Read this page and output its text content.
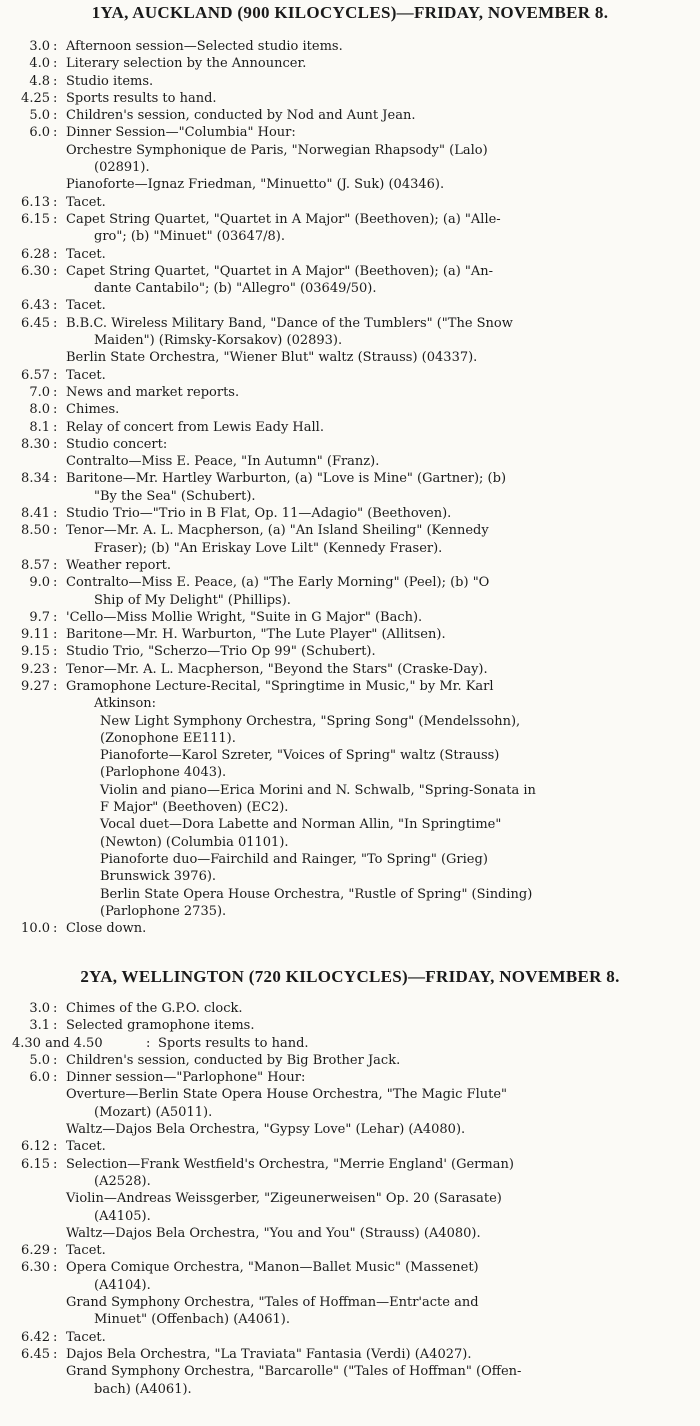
1YA, AUCKLAND (900 KILOCYCLES)—FRIDAY, NOVEMBER 8.
3.0 : Afternoon session—Selected studio items.
4.0 : Literary selection by the Announcer.
4.8 : Studio items.
4.25 : Sports results to hand.
5.0 : Children's session, conducted by Nod and Aunt Jean.
6.0 : Dinner Session—"Columbia" Hour:
Orchestre Symphonique de Paris, "Norwegian Rhapsody" (Lalo)
(02891).
Pianoforte—Ignaz Friedman, "Minuetto" (J. Suk) (04346).
6.13 : Tacet.
6.15 : Capet String Quartet, "Quartet in A Major" (Beethoven); (a) "Alle-
gro"; (b) "Minuet" (03647/8).
6.28 : Tacet.
6.30 : Capet String Quartet, "Quartet in A Major" (Beethoven); (a) "An-
dante Cantabilo"; (b) "Allegro" (03649/50).
6.43 : Tacet.
6.45 : B.B.C. Wireless Military Band, "Dance of the Tumblers" ("The Snow
Maiden") (Rimsky-Korsakov) (02893).
Berlin State Orchestra, "Wiener Blut" waltz (Strauss) (04337).
6.57 : Tacet.
7.0 : News and market reports.
8.0 : Chimes.
8.1 : Relay of concert from Lewis Eady Hall.
8.30 : Studio concert:
Contralto—Miss E. Peace, "In Autumn" (Franz).
8.34 : Baritone—Mr. Hartley Warburton, (a) "Love is Mine" (Gartner); (b)
"By the Sea" (Schubert).
8.41 : Studio Trio—"Trio in B Flat, Op. 11—Adagio" (Beethoven).
8.50 : Tenor—Mr. A. L. Macpherson, (a) "An Island Sheiling" (Kennedy
Fraser); (b) "An Eriskay Love Lilt" (Kennedy Fraser).
8.57 : Weather report.
9.0 : Contralto—Miss E. Peace, (a) "The Early Morning" (Peel); (b) "O
Ship of My Delight" (Phillips).
9.7 : 'Cello—Miss Mollie Wright, "Suite in G Major" (Bach).
9.11 : Baritone—Mr. H. Warburton, "The Lute Player" (Allitsen).
9.15 : Studio Trio, "Scherzo—Trio Op 99" (Schubert).
9.23 : Tenor—Mr. A. L. Macpherson, "Beyond the Stars" (Craske-Day).
9.27 : Gramophone Lecture-Recital, "Springtime in Music," by Mr. Karl
Atkinson:
New Light Symphony Orchestra, "Spring Song" (Mendelssohn),
(Zonophone EE111).
Pianoforte—Karol Szreter, "Voices of Spring" waltz (Strauss)
(Parlophone 4043).
Violin and piano—Erica Morini and N. Schwalb, "Spring-Sonata in
F Major" (Beethoven) (EC2).
Vocal duet—Dora Labette and Norman Allin, "In Springtime"
(Newton) (Columbia 01101).
Pianoforte duo—Fairchild and Rainger, "To Spring" (Grieg)
Brunswick 3976).
Berlin State Opera House Orchestra, "Rustle of Spring" (Sinding)
(Parlophone 2735).
10.0 : Close down.
2YA, WELLINGTON (720 KILOCYCLES)—FRIDAY, NOVEMBER 8.
3.0 : Chimes of the G.P.O. clock.
3.1 : Selected gramophone items.
4.30 and 4.50	: Sports results to hand.
5.0 : Children's session, conducted by Big Brother Jack.
6.0 : Dinner session—"Parlophone" Hour:
Overture—Berlin State Opera House Orchestra, "The Magic Flute"
(Mozart) (A5011).
Waltz—Dajos Bela Orchestra, "Gypsy Love" (Lehar) (A4080).
6.12 : Tacet.
6.15 : Selection—Frank Westfield's Orchestra, "Merrie England' (German)
(A2528).
Violin—Andreas Weissgerber, "Zigeunerweisen" Op. 20 (Sarasate)
(A4105).
Waltz—Dajos Bela Orchestra, "You and You" (Strauss) (A4080).
6.29 : Tacet.
6.30 : Opera Comique Orchestra, "Manon—Ballet Music" (Massenet)
(A4104).
Grand Symphony Orchestra, "Tales of Hoffman—Entr'acte and
Minuet" (Offenbach) (A4061).
6.42 : Tacet.
6.45 : Dajos Bela Orchestra, "La Traviata" Fantasia (Verdi) (A4027).
Grand Symphony Orchestra, "Barcarolle" ("Tales of Hoffman" (Offen-
bach) (A4061).
